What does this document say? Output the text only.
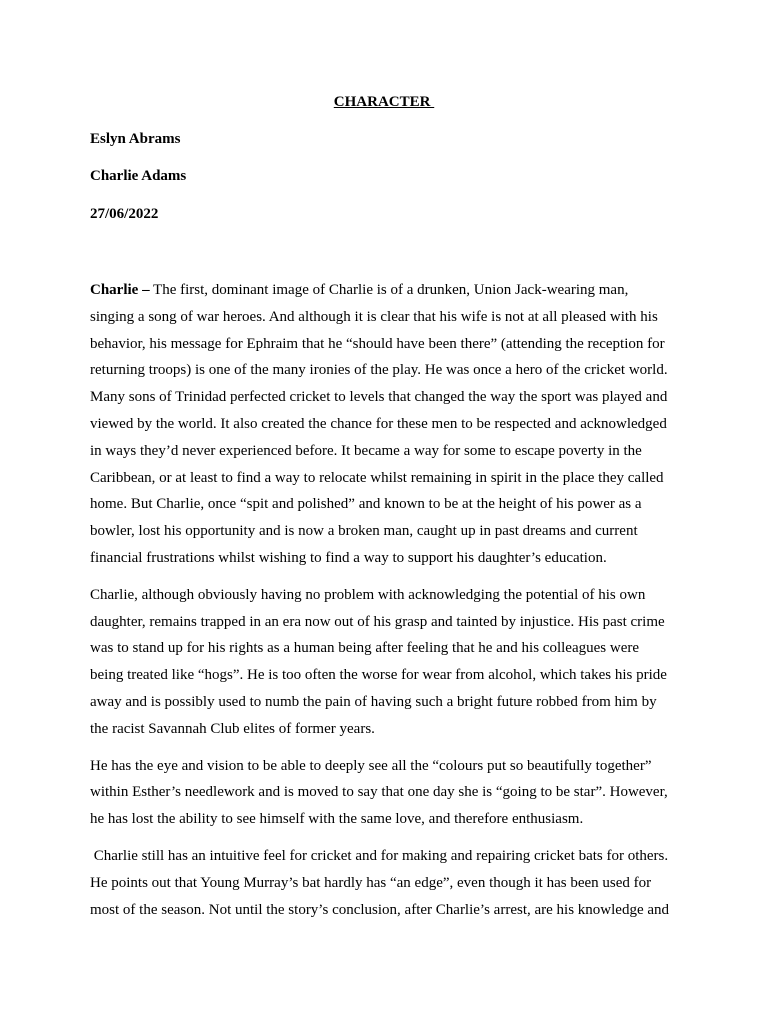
CHARACTER
Eslyn Abrams
Charlie Adams
27/06/2022

Charlie – The first, dominant image of Charlie is of a drunken, Union Jack-wearing man,
singing a song of war heroes. And although it is clear that his wife is not at all pleased with his
behavior, his message for Ephraim that he “should have been there” (attending the reception for
returning troops) is one of the many ironies of the play. He was once a hero of the cricket world.
Many sons of Trinidad perfected cricket to levels that changed the way the sport was played and
viewed by the world. It also created the chance for these men to be respected and acknowledged
in ways they’d never experienced before. It became a way for some to escape poverty in the
Caribbean, or at least to find a way to relocate whilst remaining in spirit in the place they called
home. But Charlie, once “spit and polished” and known to be at the height of his power as a
bowler, lost his opportunity and is now a broken man, caught up in past dreams and current
financial frustrations whilst wishing to find a way to support his daughter’s education.

Charlie, although obviously having no problem with acknowledging the potential of his own
daughter, remains trapped in an era now out of his grasp and tainted by injustice. His past crime
was to stand up for his rights as a human being after feeling that he and his colleagues were
being treated like “hogs”. He is too often the worse for wear from alcohol, which takes his pride
away and is possibly used to numb the pain of having such a bright future robbed from him by
the racist Savannah Club elites of former years.

He has the eye and vision to be able to deeply see all the “colours put so beautifully together”
within Esther’s needlework and is moved to say that one day she is “going to be star”. However,
he has lost the ability to see himself with the same love, and therefore enthusiasm.

Charlie still has an intuitive feel for cricket and for making and repairing cricket bats for others.
He points out that Young Murray’s bat hardly has “an edge”, even though it has been used for
most of the season. Not until the story’s conclusion, after Charlie’s arrest, are his knowledge and
